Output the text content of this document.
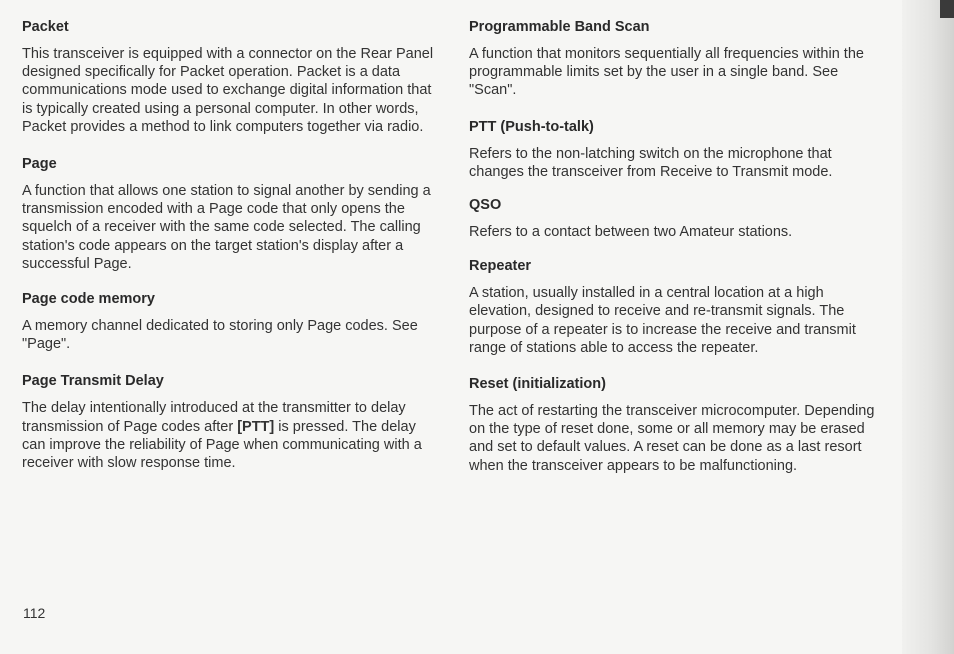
Packet

This transceiver is equipped with a connector on the Rear Panel designed specifically for Packet operation. Packet is a data communications mode used to exchange digital information that is typically created using a personal computer. In other words, Packet provides a method to link computers together via radio.

Page

A function that allows one station to signal another by sending a transmission encoded with a Page code that only opens the squelch of a receiver with the same code selected. The calling station's code appears on the target station's display after a successful Page.

Page code memory

A memory channel dedicated to storing only Page codes. See "Page".

Page Transmit Delay

The delay intentionally introduced at the transmitter to delay transmission of Page codes after [PTT] is pressed. The delay can improve the reliability of Page when communicating with a receiver with slow response time.

Programmable Band Scan

A function that monitors sequentially all frequencies within the programmable limits set by the user in a single band. See "Scan".

PTT (Push-to-talk)

Refers to the non-latching switch on the microphone that changes the transceiver from Receive to Transmit mode.

QSO

Refers to a contact between two Amateur stations.

Repeater

A station, usually installed in a central location at a high elevation, designed to receive and re-transmit signals. The purpose of a repeater is to increase the receive and transmit range of stations able to access the repeater.

Reset (initialization)

The act of restarting the transceiver microcomputer. Depending on the type of reset done, some or all memory may be erased and set to default values. A reset can be done as a last resort when the transceiver appears to be malfunctioning.

112
